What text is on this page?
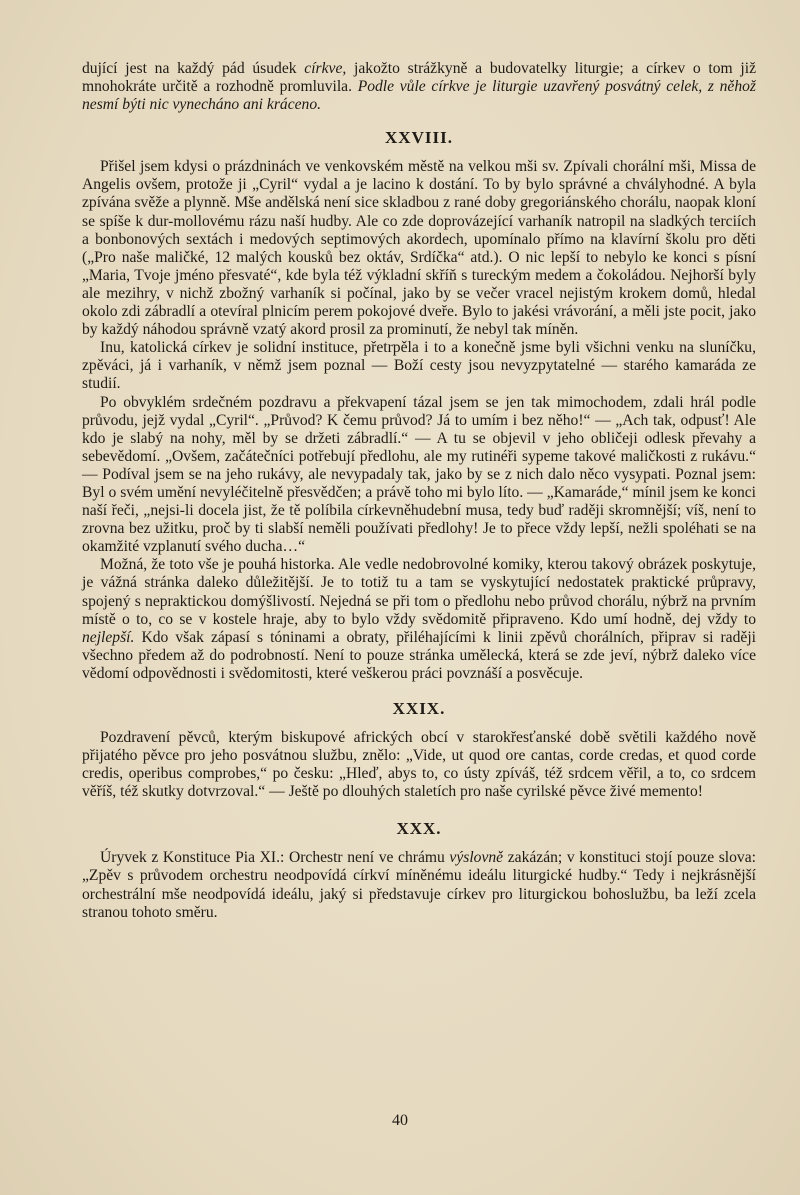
dující jest na každý pád úsudek církve, jakožto strážkyně a budovatelky liturgie; a církev o tom již mnohokráte určitě a rozhodně promluvila. Podle vůle církve je liturgie uzavřený posvátný celek, z něhož nesmí býti nic vynecháno ani kráceno.

XXVIII.

Přišel jsem kdysi o prázdninách ve venkovském městě na velkou mši sv. Zpívali chorální mši, Missa de Angelis ovšem, protože ji „Cyril“ vydal a je lacino k dostání. To by bylo správné a chvályhodné. A byla zpívána svěže a plynně. Mše andělská není sice skladbou z rané doby gregoriánského chorálu, naopak kloní se spíše k dur-mollovému rázu naší hudby. Ale co zde doprovázející varhaník natropil na sladkých terciích a bonbonových sextách i medových septimových akordech, upomínalo přímo na klavírní školu pro děti („Pro naše maličké, 12 malých kousků bez oktáv, Srdíčka“ atd.). O nic lepší to nebylo ke konci s písní „Maria, Tvoje jméno přesvaté“, kde byla též výkladní skříň s tureckým medem a čokoládou. Nejhorší byly ale mezihry, v nichž zbožný varhaník si počínal, jako by se večer vracel nejistým krokem domů, hledal okolo zdi zábradlí a otevíral plnicím perem pokojové dveře. Bylo to jakési vrávorání, a měli jste pocit, jako by každý náhodou správně vzatý akord prosil za prominutí, že nebyl tak míněn.

Inu, katolická církev je solidní instituce, přetrpěla i to a konečně jsme byli všichni venku na sluníčku, zpěváci, já i varhaník, v němž jsem poznal — Boží cesty jsou nevyzpytatelné — starého kamaráda ze studií.

Po obvyklém srdečném pozdravu a překvapení tázal jsem se jen tak mimochodem, zdali hrál podle průvodu, jejž vydal „Cyril“. „Průvod? K čemu průvod? Já to umím i bez něho!“ — „Ach tak, odpusť! Ale kdo je slabý na nohy, měl by se držeti zábradlí.“ — A tu se objevil v jeho obličeji odlesk převahy a sebevědomí. „Ovšem, začátečníci potřebují předlohu, ale my rutinéři sypeme takové maličkosti z rukávu.“ — Podíval jsem se na jeho rukávy, ale nevypadaly tak, jako by se z nich dalo něco vysypati. Poznal jsem: Byl o svém umění nevyléčitelně přesvědčen; a právě toho mi bylo líto. — „Kamaráde,“ mínil jsem ke konci naší řeči, „nejsi-li docela jist, že tě políbila církevněhudební musa, tedy buď raději skromnější; víš, není to zrovna bez užitku, proč by ti slabší neměli používati předlohy! Je to přece vždy lepší, nežli spoléhati se na okamžité vzplanutí svého ducha…“

Možná, že toto vše je pouhá historka. Ale vedle nedobrovolné komiky, kterou takový obrázek poskytuje, je vážná stránka daleko důležitější. Je to totiž tu a tam se vyskytující nedostatek praktické průpravy, spojený s nepraktickou domýšlivostí. Nejedná se při tom o předlohu nebo průvod chorálu, nýbrž na prvním místě o to, co se v kostele hraje, aby to bylo vždy svědomitě připraveno. Kdo umí hodně, dej vždy to nejlepší. Kdo však zápasí s tóninami a obraty, přiléhajícími k linii zpěvů chorálních, připrav si raději všechno předem až do podrobností. Není to pouze stránka umělecká, která se zde jeví, nýbrž daleko více vědomí odpovědnosti i svědomitosti, které veškerou práci povznáší a posvěcuje.

XXIX.

Pozdravení pěvců, kterým biskupové afrických obcí v starokřesťanské době světili každého nově přijatého pěvce pro jeho posvátnou službu, znělo: „Vide, ut quod ore cantas, corde credas, et quod corde credis, operibus comprobes,“ po česku: „Hleď, abys to, co ústy zpíváš, též srdcem věřil, a to, co srdcem věříš, též skutky dotvrzoval.“ — Ještě po dlouhých staletích pro naše cyrilské pěvce živé memento!

XXX.

Úryvek z Konstituce Pia XI.: Orchestr není ve chrámu výslovně zakázán; v konstituci stojí pouze slova: „Zpěv s průvodem orchestru neodpovídá církví míněnému ideálu liturgické hudby.“ Tedy i nejkrásnější orchestrální mše neodpovídá ideálu, jaký si představuje církev pro liturgickou bohoslužbu, ba leží zcela stranou tohoto směru.

40
